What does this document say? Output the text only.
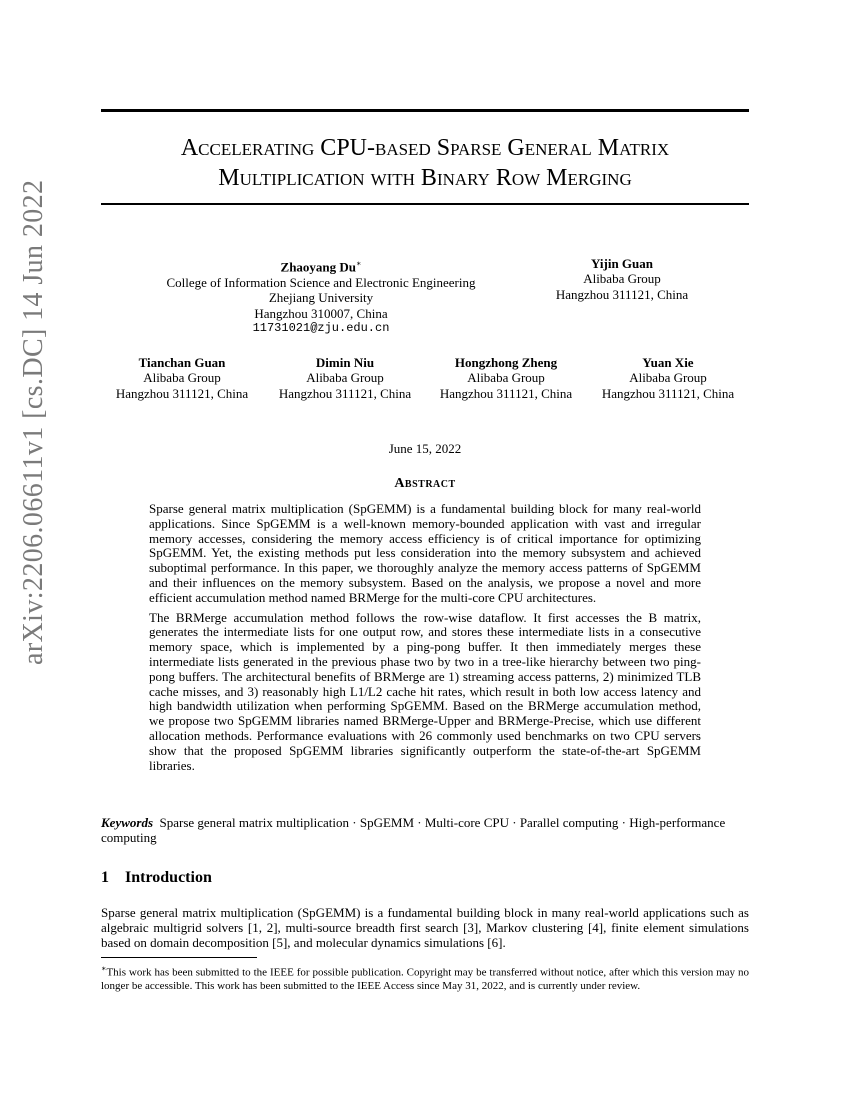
arXiv:2206.06611v1 [cs.DC] 14 Jun 2022
Accelerating CPU-based Sparse General Matrix
Multiplication with Binary Row Merging
Zhaoyang Du∗
College of Information Science and Electronic Engineering
Zhejiang University
Hangzhou 310007, China
11731021@zju.edu.cn
Yijin Guan
Alibaba Group
Hangzhou 311121, China
Tianchan Guan
Alibaba Group
Hangzhou 311121, China
Dimin Niu
Alibaba Group
Hangzhou 311121, China
Hongzhong Zheng
Alibaba Group
Hangzhou 311121, China
Yuan Xie
Alibaba Group
Hangzhou 311121, China
June 15, 2022
Abstract

Sparse general matrix multiplication (SpGEMM) is a fundamental building block for many real-world applications. Since SpGEMM is a well-known memory-bounded application with vast and irregular memory accesses, considering the memory access efficiency is of critical importance for optimizing SpGEMM. Yet, the existing methods put less consideration into the memory subsystem and achieved suboptimal performance. In this paper, we thoroughly analyze the memory access patterns of SpGEMM and their influences on the memory subsystem. Based on the analysis, we propose a novel and more efficient accumulation method named BRMerge for the multi-core CPU architectures.

The BRMerge accumulation method follows the row-wise dataflow. It first accesses the B matrix, generates the intermediate lists for one output row, and stores these intermediate lists in a consecutive memory space, which is implemented by a ping-pong buffer. It then immediately merges these intermediate lists generated in the previous phase two by two in a tree-like hierarchy between two ping-pong buffers. The architectural benefits of BRMerge are 1) streaming access patterns, 2) minimized TLB cache misses, and 3) reasonably high L1/L2 cache hit rates, which result in both low access latency and high bandwidth utilization when performing SpGEMM. Based on the BRMerge accumulation method, we propose two SpGEMM libraries named BRMerge-Upper and BRMerge-Precise, which use different allocation methods. Performance evaluations with 26 commonly used benchmarks on two CPU servers show that the proposed SpGEMM libraries significantly outperform the state-of-the-art SpGEMM libraries.

Keywords Sparse general matrix multiplication · SpGEMM · Multi-core CPU · Parallel computing · High-performance computing
1 Introduction

Sparse general matrix multiplication (SpGEMM) is a fundamental building block in many real-world applications such as algebraic multigrid solvers [1, 2], multi-source breadth first search [3], Markov clustering [4], finite element simulations based on domain decomposition [5], and molecular dynamics simulations [6].

∗This work has been submitted to the IEEE for possible publication. Copyright may be transferred without notice, after which this version may no longer be accessible. This work has been submitted to the IEEE Access since May 31, 2022, and is currently under review.
